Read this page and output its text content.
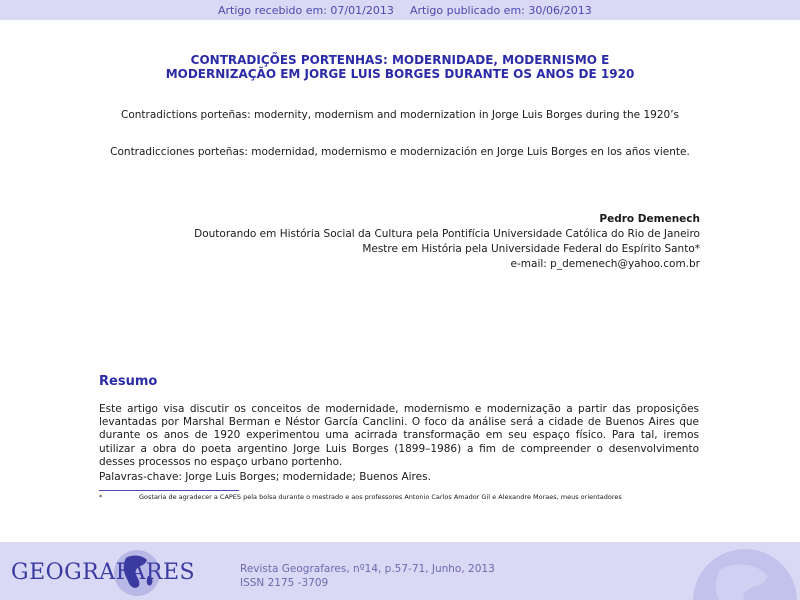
Artigo recebido em: 07/01/2013 Artigo publicado em: 30/06/2013
CONTRADIÇÕES PORTENHAS: MODERNIDADE, MODERNISMO E
MODERNIZAÇÃO EM JORGE LUIS BORGES DURANTE OS ANOS DE 1920
Contradictions porteñas: modernity, modernism and modernization in Jorge Luis Borges during the 1920’s
Contradicciones porteñas: modernidad, modernismo e modernización en Jorge Luis Borges en los años viente.
Pedro Demenech
Doutorando em História Social da Cultura pela Pontifícia Universidade Católica do Rio de Janeiro
Mestre em História pela Universidade Federal do Espírito Santo*
e-mail: p_demenech@yahoo.com.br
Resumo
Este artigo visa discutir os conceitos de modernidade, modernismo e modernização a partir das proposições levantadas por Marshal Berman e Néstor García Canclini. O foco da análise será a cidade de Buenos Aires que durante os anos de 1920 experimentou uma acirrada transformação em seu espaço físico. Para tal, iremos utilizar a obra do poeta argentino Jorge Luis Borges (1899–1986) a fim de compreender o desenvolvimento desses processos no espaço urbano portenho.
Palavras-chave: Jorge Luis Borges; modernidade; Buenos Aires.
*	Gostaria de agradecer a CAPES pela bolsa durante o mestrado e aos professores Antonio Carlos Amador Gil e Alexandre Moraes, meus orientadores
GEOGRAFARES	Revista Geografares, nº14, p.57-71, Junho, 2013
ISSN 2175 -3709
